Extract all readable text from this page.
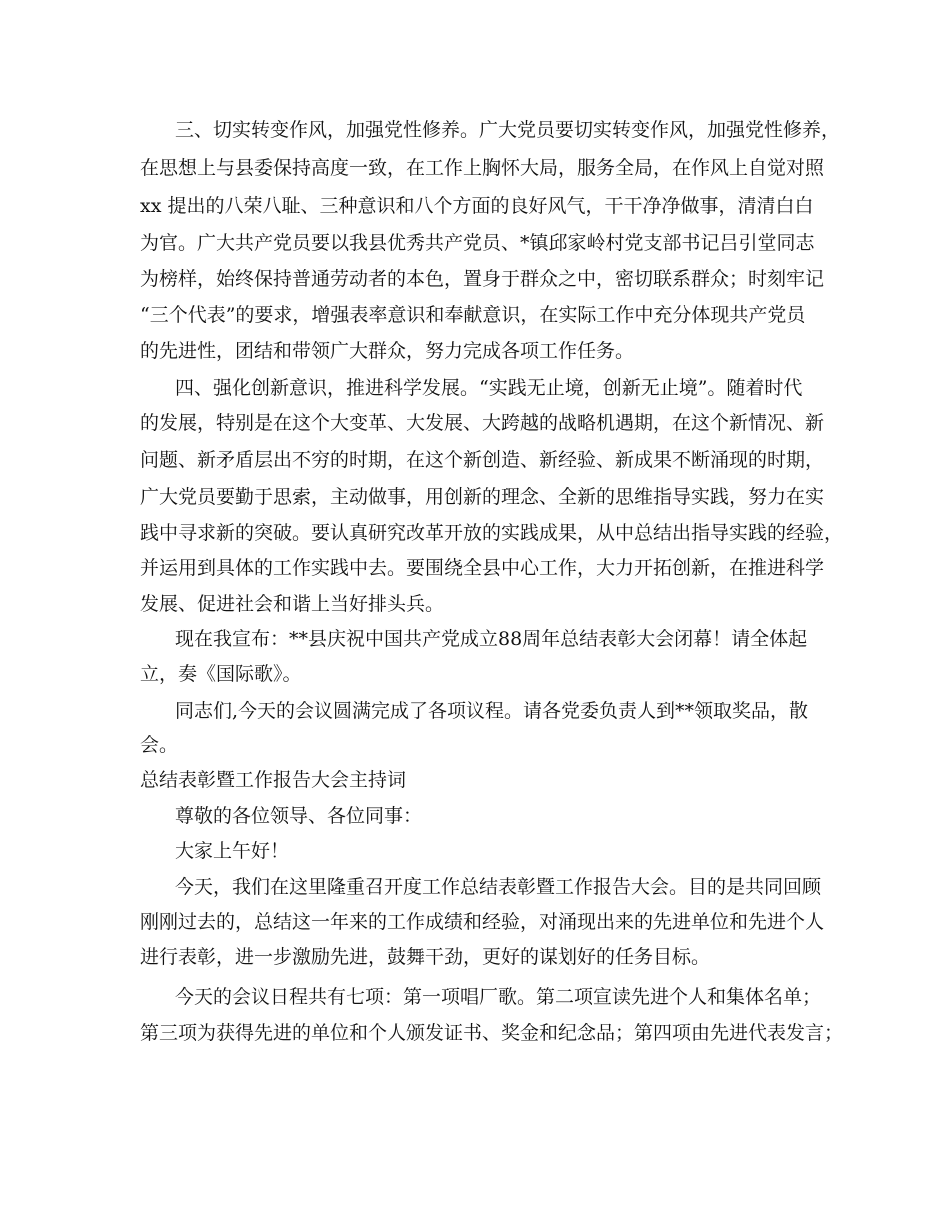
三、切实转变作风，加强党性修养。广大党员要切实转变作风，加强党性修养，
在思想上与县委保持高度一致，在工作上胸怀大局，服务全局，在作风上自觉对照
xx 提出的八荣八耻、三种意识和八个方面的良好风气，干干净净做事，清清白白
为官。广大共产党员要以我县优秀共产党员、*镇邱家岭村党支部书记吕引堂同志
为榜样，始终保持普通劳动者的本色，置身于群众之中，密切联系群众；时刻牢记
“三个代表”的要求，增强表率意识和奉献意识，在实际工作中充分体现共产党员
的先进性，团结和带领广大群众，努力完成各项工作任务。
四、强化创新意识，推进科学发展。“实践无止境，创新无止境”。随着时代
的发展，特别是在这个大变革、大发展、大跨越的战略机遇期，在这个新情况、新
问题、新矛盾层出不穷的时期，在这个新创造、新经验、新成果不断涌现的时期，
广大党员要勤于思索，主动做事，用创新的理念、全新的思维指导实践，努力在实
践中寻求新的突破。要认真研究改革开放的实践成果，从中总结出指导实践的经验，
并运用到具体的工作实践中去。要围绕全县中心工作，大力开拓创新，在推进科学
发展、促进社会和谐上当好排头兵。
现在我宣布：**县庆祝中国共产党成立88周年总结表彰大会闭幕！请全体起
立，奏《国际歌》。
同志们,今天的会议圆满完成了各项议程。请各党委负责人到**领取奖品，散
会。
总结表彰暨工作报告大会主持词
尊敬的各位领导、各位同事：
大家上午好！
今天，我们在这里隆重召开度工作总结表彰暨工作报告大会。目的是共同回顾
刚刚过去的，总结这一年来的工作成绩和经验，对涌现出来的先进单位和先进个人
进行表彰，进一步激励先进，鼓舞干劲，更好的谋划好的任务目标。
今天的会议日程共有七项：第一项唱厂歌。第二项宣读先进个人和集体名单；
第三项为获得先进的单位和个人颁发证书、奖金和纪念品；第四项由先进代表发言；
